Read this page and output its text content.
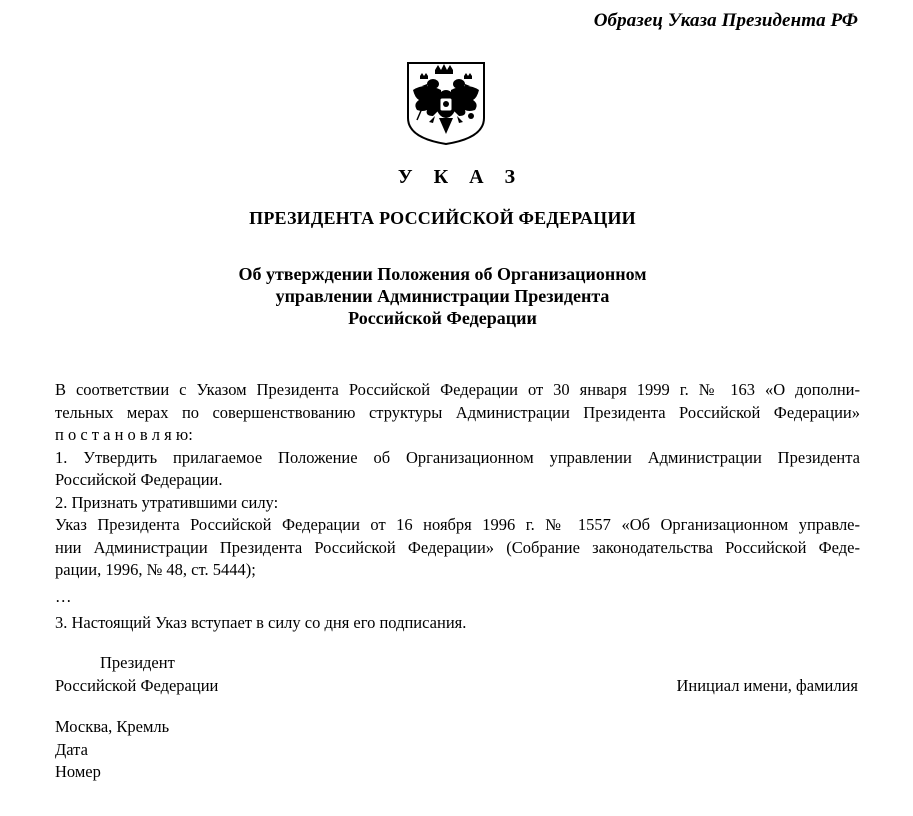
Образец Указа Президента РФ
У К А З
ПРЕЗИДЕНТА РОССИЙСКОЙ ФЕДЕРАЦИИ
Об утверждении Положения об Организационном
управлении Администрации Президента
Российской Федерации
В соответствии с Указом Президента Российской Федерации от 30 января 1999 г. № 163 «О дополни-
тельных мерах по совершенствованию структуры Администрации Президента Российской Федерации»
п о с т а н о в л я ю:
1. Утвердить прилагаемое Положение об Организационном управлении Администрации Президента
Российской Федерации.
2. Признать утратившими силу:
Указ Президента Российской Федерации от 16 ноября 1996 г. № 1557 «Об Организационном управле-
нии Администрации Президента Российской Федерации» (Собрание законодательства Российской Феде-
рации, 1996, № 48, ст. 5444);
…
3. Настоящий Указ вступает в силу со дня его подписания.
Президент
Российской Федерации	Инициал имени, фамилия
Москва, Кремль
Дата
Номер
